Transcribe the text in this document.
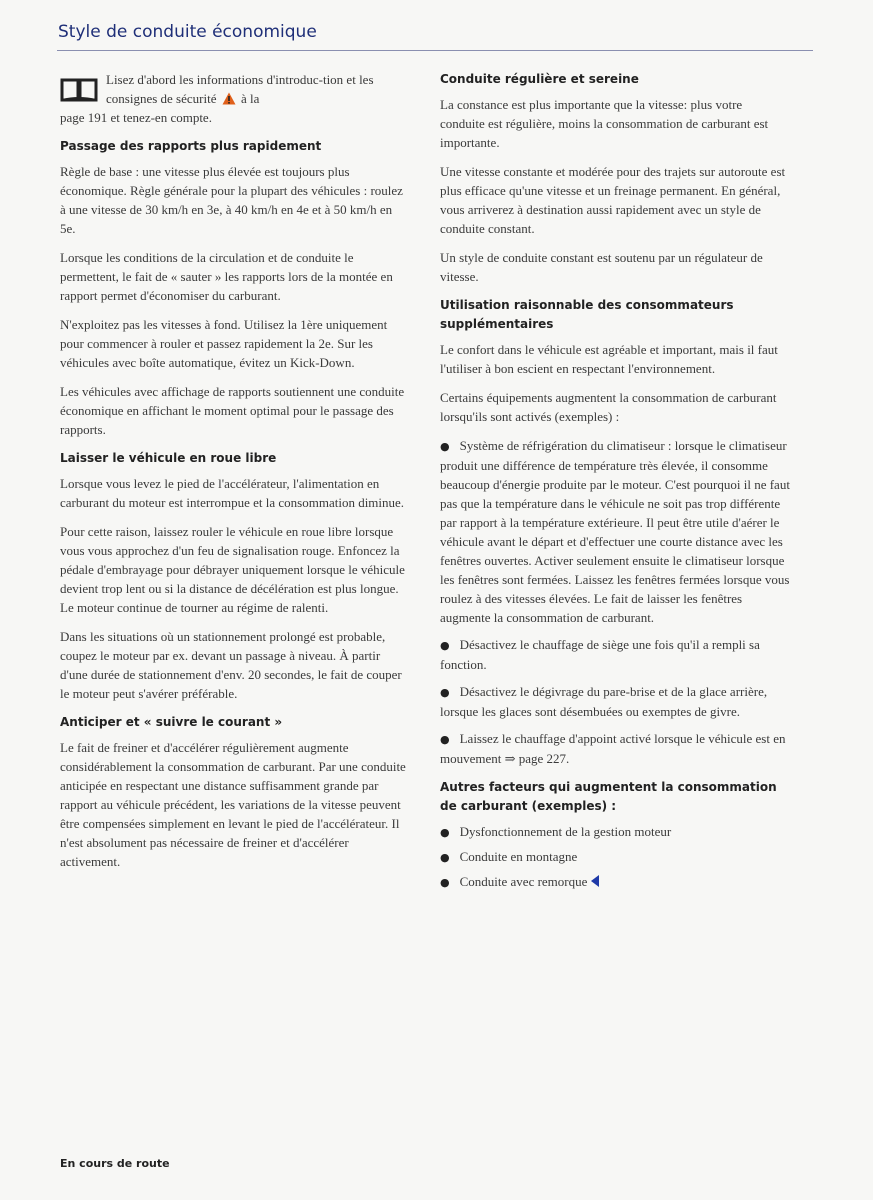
Style de conduite économique

Lisez d'abord les informations d'introduc-tion et les consignes de sécurité à la
page 191 et tenez-en compte.

Passage des rapports plus rapidement

Règle de base : une vitesse plus élevée est toujours plus économique. Règle générale pour la plupart des véhicules : roulez à une vitesse de 30 km/h en 3e, à 40 km/h en 4e et à 50 km/h en 5e.

Lorsque les conditions de la circulation et de conduite le permettent, le fait de « sauter » les rapports lors de la montée en rapport permet d'économiser du carburant.

N'exploitez pas les vitesses à fond. Utilisez la 1ère uniquement pour commencer à rouler et passez rapidement la 2e. Sur les véhicules avec boîte automatique, évitez un Kick-Down.

Les véhicules avec affichage de rapports soutiennent une conduite économique en affichant le moment optimal pour le passage des rapports.

Laisser le véhicule en roue libre

Lorsque vous levez le pied de l'accélérateur, l'alimentation en carburant du moteur est interrompue et la consommation diminue.

Pour cette raison, laissez rouler le véhicule en roue libre lorsque vous vous approchez d'un feu de signalisation rouge. Enfoncez la pédale d'embrayage pour débrayer uniquement lorsque le véhicule devient trop lent ou si la distance de décélération est plus longue. Le moteur continue de tourner au régime de ralenti.

Dans les situations où un stationnement prolongé est probable, coupez le moteur par ex. devant un passage à niveau. À partir d'une durée de stationnement d'env. 20 secondes, le fait de couper le moteur peut s'avérer préférable.

Anticiper et « suivre le courant »

Le fait de freiner et d'accélérer régulièrement augmente considérablement la consommation de carburant. Par une conduite anticipée en respectant une distance suffisamment grande par rapport au véhicule précédent, les variations de la vitesse peuvent être compensées simplement en levant le pied de l'accélérateur. Il n'est absolument pas nécessaire de freiner et d'accélérer activement.

Conduite régulière et sereine

La constance est plus importante que la vitesse: plus votre conduite est régulière, moins la consommation de carburant est importante.

Une vitesse constante et modérée pour des trajets sur autoroute est plus efficace qu'une vitesse et un freinage permanent. En général, vous arriverez à destination aussi rapidement avec un style de conduite constant.

Un style de conduite constant est soutenu par un régulateur de vitesse.

Utilisation raisonnable des consommateurs supplémentaires

Le confort dans le véhicule est agréable et important, mais il faut l'utiliser à bon escient en respectant l'environnement.

Certains équipements augmentent la consommation de carburant lorsqu'ils sont activés (exemples) :

● Système de réfrigération du climatiseur : lorsque le climatiseur produit une différence de température très élevée, il consomme beaucoup d'énergie produite par le moteur. C'est pourquoi il ne faut pas que la température dans le véhicule ne soit pas trop différente par rapport à la température extérieure. Il peut être utile d'aérer le véhicule avant le départ et d'effectuer une courte distance avec les fenêtres ouvertes. Activer seulement ensuite le climatiseur lorsque les fenêtres sont fermées. Laissez les fenêtres fermées lorsque vous roulez à des vitesses élevées. Le fait de laisser les fenêtres augmente la consommation de carburant.
● Désactivez le chauffage de siège une fois qu'il a rempli sa fonction.
● Désactivez le dégivrage du pare-brise et de la glace arrière, lorsque les glaces sont désembuées ou exemptes de givre.
● Laissez le chauffage d'appoint activé lorsque le véhicule est en mouvement ⇒ page 227.
Autres facteurs qui augmentent la consommation de carburant (exemples) :
● Dysfonctionnement de la gestion moteur
● Conduite en montagne
● Conduite avec remorque
En cours de route
